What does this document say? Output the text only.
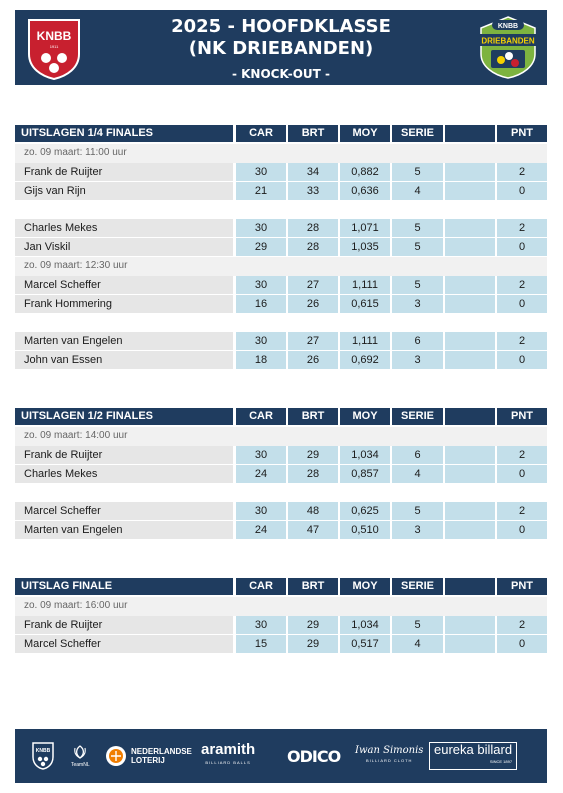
KNBB
1911
2025 - HOOFDKLASSE
(NK DRIEBANDEN)
- KNOCK-OUT -
KNBB
DRIEBANDEN
UITSLAGEN 1/4 FINALES	CAR	BRT	MOY	SERIE	PNT
zo. 09 maart: 11:00 uur
Frank de Ruijter	30	34	0,882	5	2
Gijs van Rijn	21	33	0,636	4	0
Charles Mekes	30	28	1,071	5	2
Jan Viskil	29	28	1,035	5	0
zo. 09 maart: 12:30 uur
Marcel Scheffer	30	27	1,111	5	2
Frank Hommering	16	26	0,615	3	0
Marten van Engelen	30	27	1,111	6	2
John van Essen	18	26	0,692	3	0
UITSLAGEN 1/2 FINALES	CAR	BRT	MOY	SERIE	PNT
zo. 09 maart: 14:00 uur
Frank de Ruijter	30	29	1,034	6	2
Charles Mekes	24	28	0,857	4	0
Marcel Scheffer	30	48	0,625	5	2
Marten van Engelen	24	47	0,510	3	0
UITSLAG FINALE	CAR	BRT	MOY	SERIE	PNT
zo. 09 maart: 16:00 uur
Frank de Ruijter	30	29	1,034	5	2
Marcel Scheffer	15	29	0,517	4	0
KNBB
TeamNL
NEDERLANDSE
LOTERIJ
aramith
BILLIARD BALLS ODICO Iwan Simonis
BILLIARD CLOTH
eureka billard
SINCE 1897
